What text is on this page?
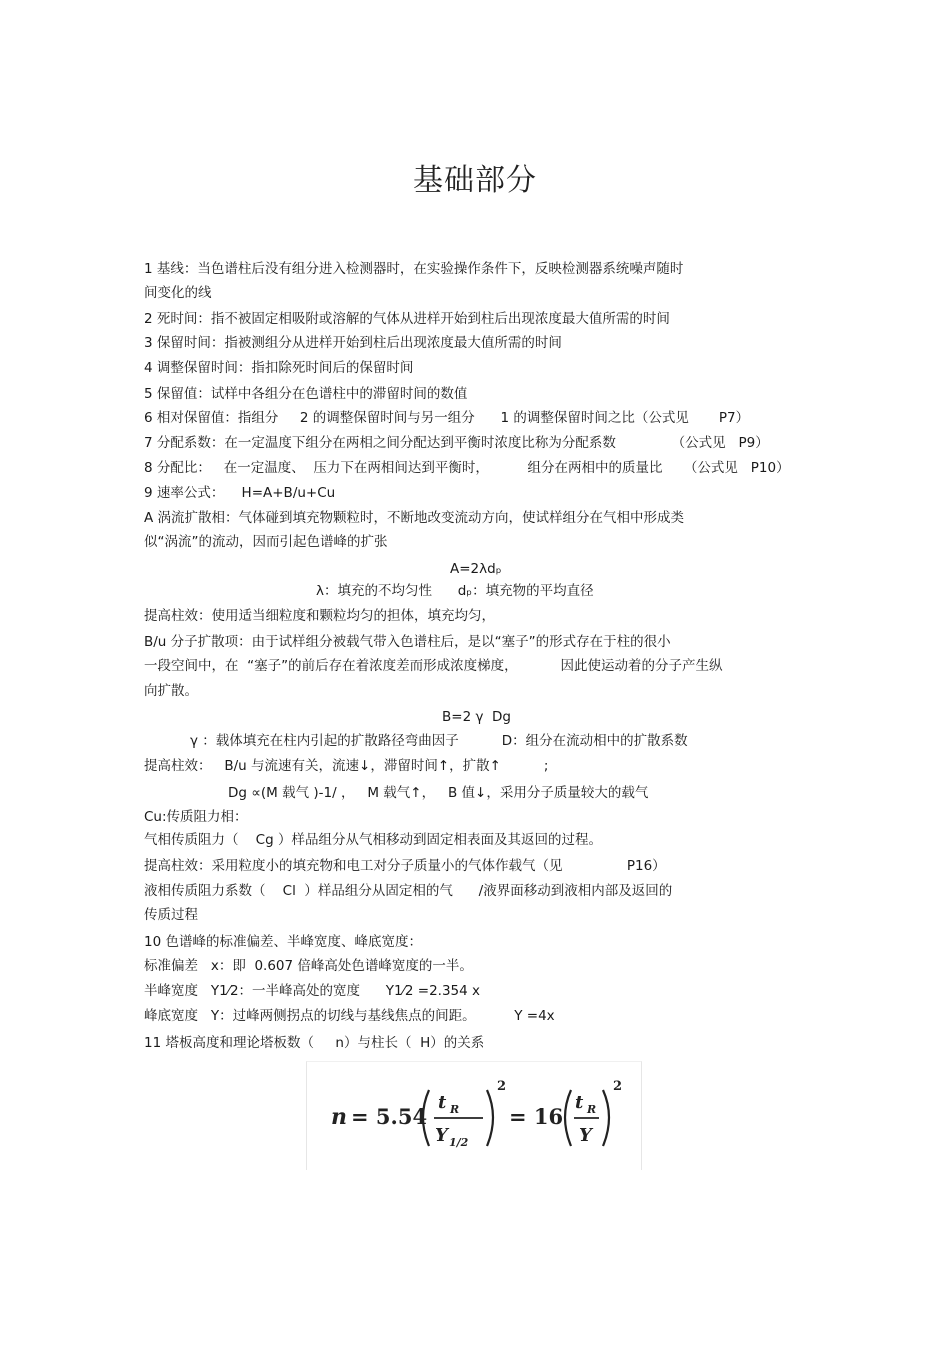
基础部分
1 基线：当色谱柱后没有组分进入检测器时，在实验操作条件下，反映检测器系统噪声随时
间变化的线
2 死时间：指不被固定相吸附或溶解的气体从进样开始到柱后出现浓度最大值所需的时间
3 保留时间：指被测组分从进样开始到柱后出现浓度最大值所需的时间
4 调整保留时间：指扣除死时间后的保留时间
5 保留值：试样中各组分在色谱柱中的滞留时间的数值
6 相对保留值：指组分     2 的调整保留时间与另一组分      1 的调整保留时间之比（公式见       P7）
7 分配系数：在一定温度下组分在两相之间分配达到平衡时浓度比称为分配系数             （公式见   P9）
8 分配比：   在一定温度、  压力下在两相间达到平衡时，         组分在两相中的质量比     （公式见   P10）
9 速率公式：    H=A+B/u+Cu
A 涡流扩散相：气体碰到填充物颗粒时，不断地改变流动方向，使试样组分在气相中形成类
似“涡流”的流动，因而引起色谱峰的扩张
A=2λdₚ
λ：填充的不均匀性      dₚ：填充物的平均直径
提高柱效：使用适当细粒度和颗粒均匀的担体，填充均匀，
B/u 分子扩散项：由于试样组分被载气带入色谱柱后，是以“塞子”的形式存在于柱的很小
一段空间中，在  “塞子”的前后存在着浓度差而形成浓度梯度，          因此使运动着的分子产生纵
向扩散。
B=2 γ  Dg
γ ：载体填充在柱内引起的扩散路径弯曲因子          D：组分在流动相中的扩散系数
提高柱效：   B/u 与流速有关，流速↓，滞留时间↑，扩散↑          ;
Dg ∝(M 载气 )-1/ ，   M 载气↑，   B 值↓，采用分子质量较大的载气
Cu:传质阻力相：
气相传质阻力（    Cg ）样品组分从气相移动到固定相表面及其返回的过程。
提高柱效：采用粒度小的填充物和电工对分子质量小的气体作载气（见               P16）
液相传质阻力系数（    Cl  ）样品组分从固定相的气      /液界面移动到液相内部及返回的
传质过程
10 色谱峰的标准偏差、半峰宽度、峰底宽度：
标准偏差   x：即  0.607 倍峰高处色谱峰宽度的一半。
半峰宽度   Y1⁄2：一半峰高处的宽度      Y1⁄2 =2.354 x
峰底宽度   Y：过峰两侧拐点的切线与基线焦点的间距。         Y =4x
11 塔板高度和理论塔板数（     n）与柱长（  H）的关系
n = 5.54
t R
Y 1/2
2
= 16
t R
Y
2
